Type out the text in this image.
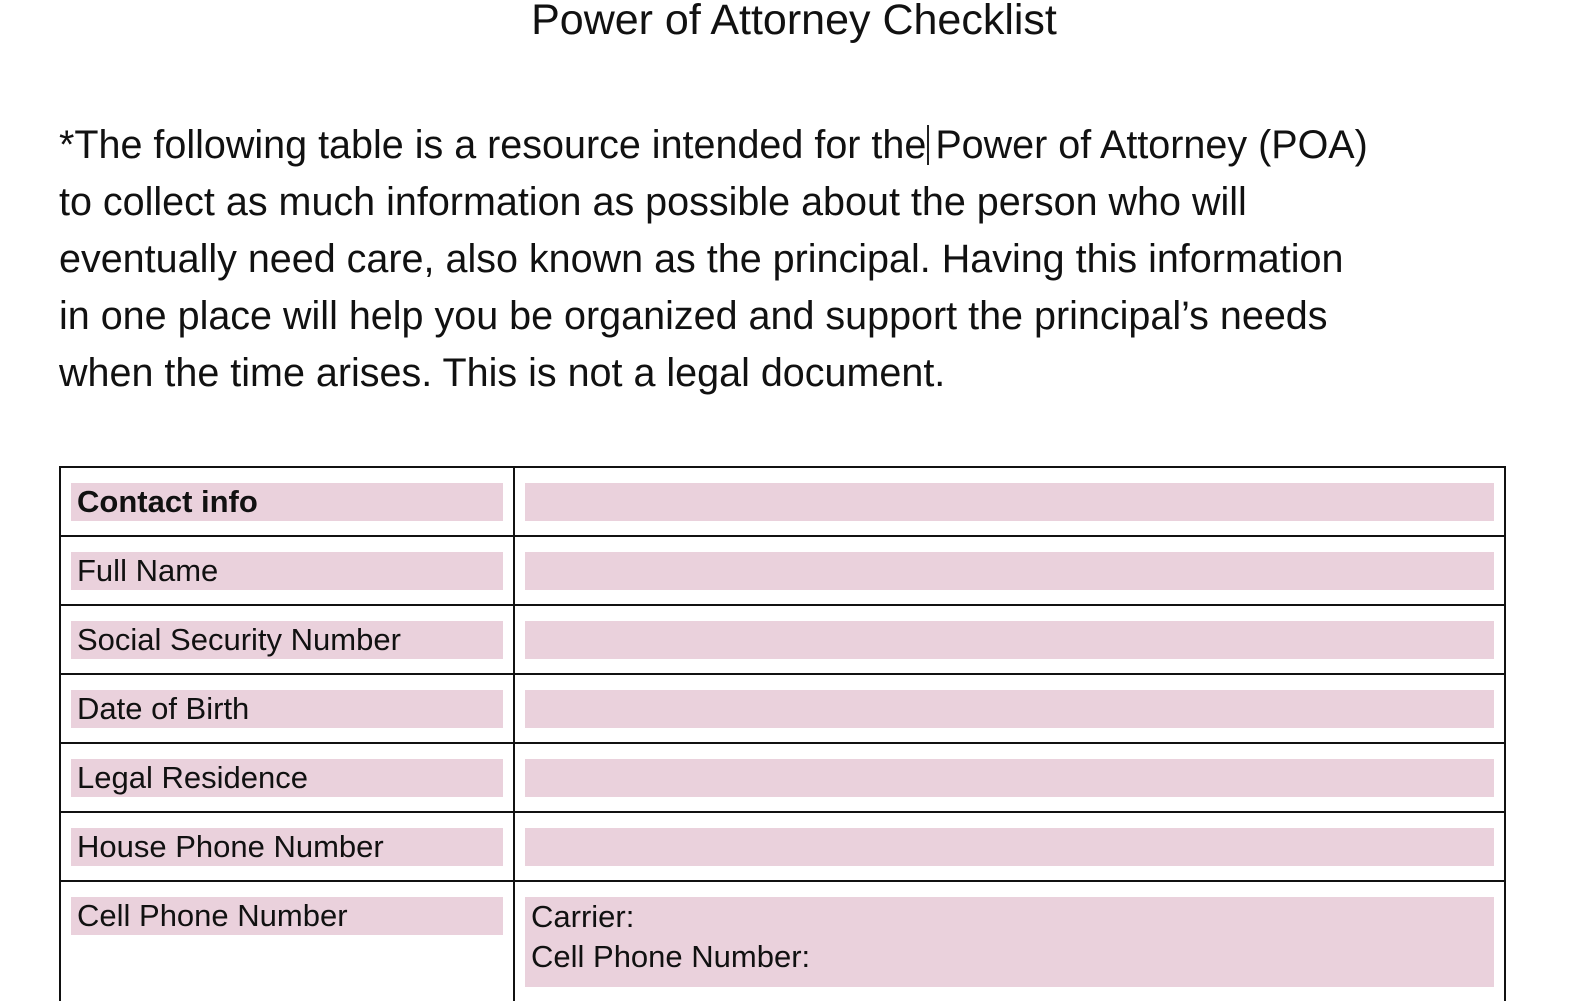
Power of Attorney Checklist

*The following table is a resource intended for the Power of Attorney (POA)
to collect as much information as possible about the person who will
eventually need care, also known as the principal. Having this information
in one place will help you be organized and support the principal’s needs
when the time arises. This is not a legal document.

Contact info	

Full Name	

Social Security Number	

Date of Birth	

Legal Residence	

House Phone Number	

Cell Phone Number	Carrier:
Cell Phone Number:
